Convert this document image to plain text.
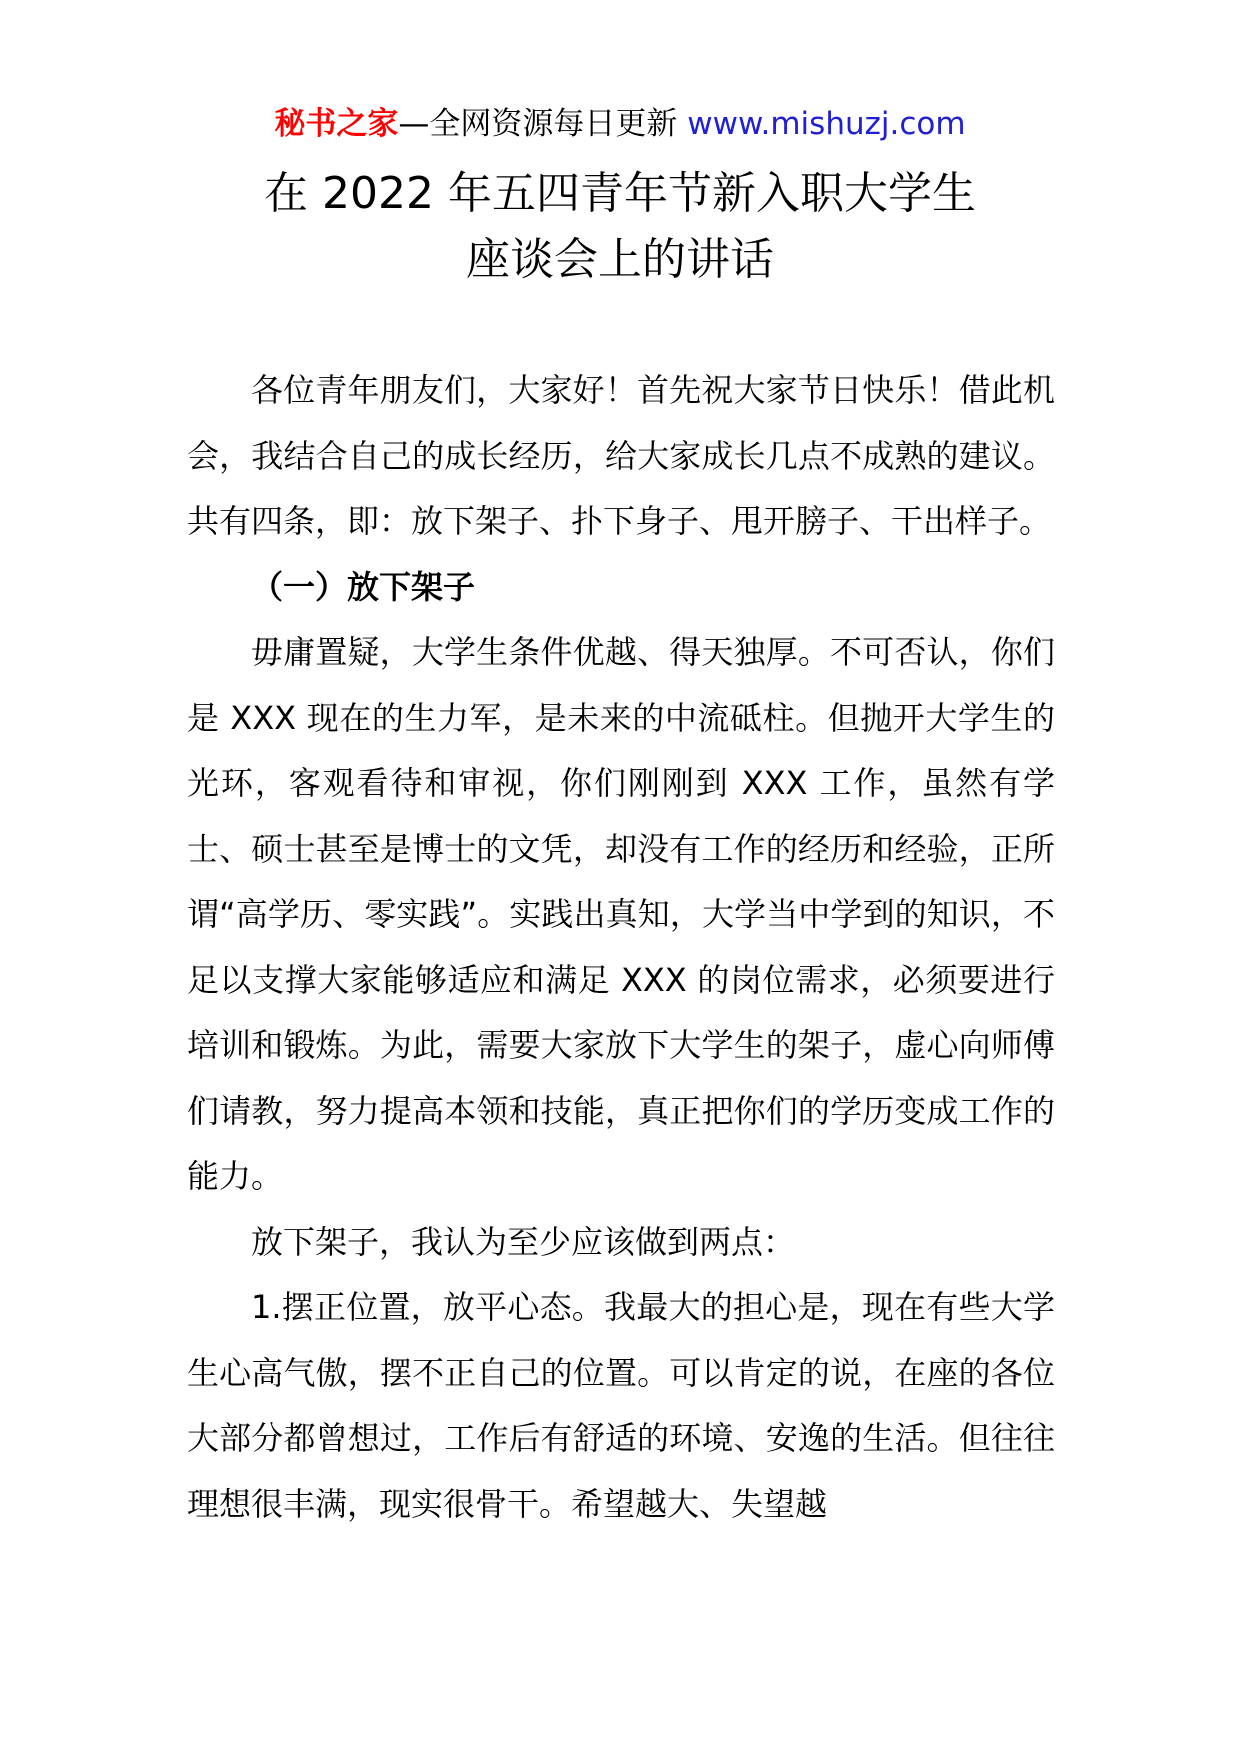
秘书之家—全网资源每日更新 www.mishuzj.com
在 2022 年五四青年节新入职大学生
座谈会上的讲话

各位青年朋友们，大家好！首先祝大家节日快乐！借此机会，我结合自己的成长经历，给大家成长几点不成熟的建议。共有四条，即：放下架子、扑下身子、甩开膀子、干出样子。

（一）放下架子

毋庸置疑，大学生条件优越、得天独厚。不可否认，你们是 XXX 现在的生力军，是未来的中流砥柱。但抛开大学生的光环，客观看待和审视，你们刚刚到 XXX 工作，虽然有学士、硕士甚至是博士的文凭，却没有工作的经历和经验，正所谓“高学历、零实践”。实践出真知，大学当中学到的知识，不足以支撑大家能够适应和满足 XXX 的岗位需求，必须要进行培训和锻炼。为此，需要大家放下大学生的架子，虚心向师傅们请教，努力提高本领和技能，真正把你们的学历变成工作的能力。

放下架子，我认为至少应该做到两点：

1.摆正位置，放平心态。我最大的担心是，现在有些大学生心高气傲，摆不正自己的位置。可以肯定的说，在座的各位大部分都曾想过，工作后有舒适的环境、安逸的生活。但往往理想很丰满，现实很骨干。希望越大、失望越
